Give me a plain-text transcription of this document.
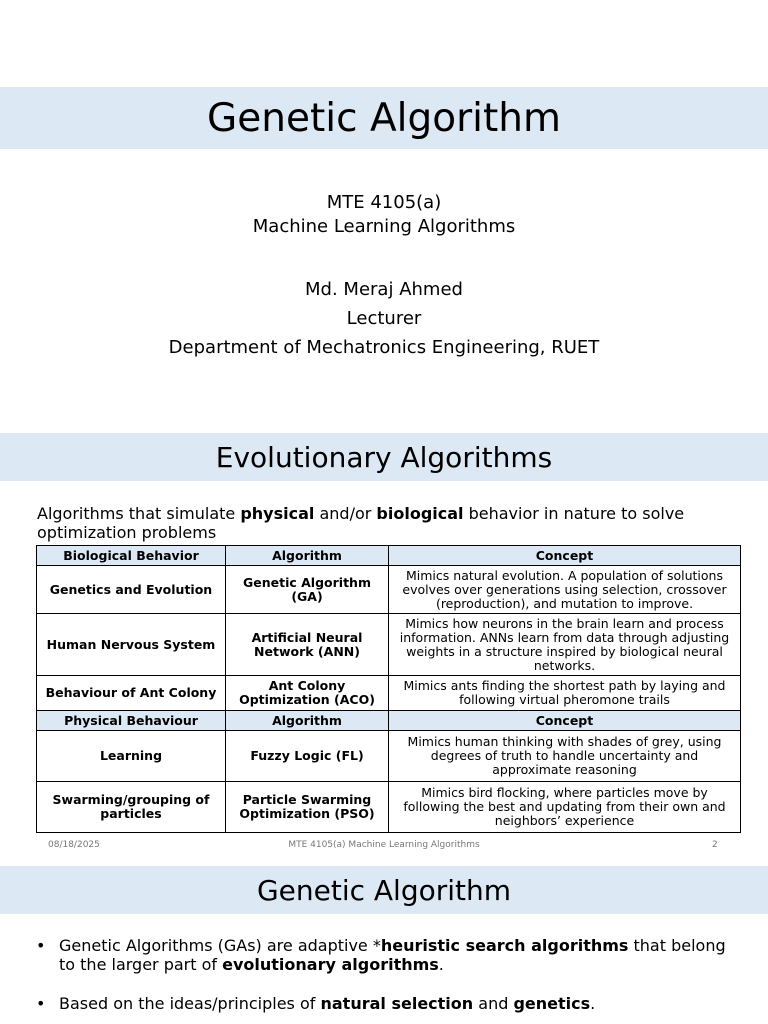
Genetic Algorithm
MTE 4105(a)
Machine Learning Algorithms
Md. Meraj Ahmed
Lecturer
Department of Mechatronics Engineering, RUET
Evolutionary Algorithms
Algorithms that simulate physical and/or biological behavior in nature to solve optimization problems
Biological Behavior	Algorithm	Concept
Genetics and Evolution	Genetic Algorithm (GA)	Mimics natural evolution. A population of solutions evolves over generations using selection, crossover (reproduction), and mutation to improve.
Human Nervous System	Artificial Neural Network (ANN)	Mimics how neurons in the brain learn and process information. ANNs learn from data through adjusting weights in a structure inspired by biological neural networks.
Behaviour of Ant Colony	Ant Colony Optimization (ACO)	Mimics ants finding the shortest path by laying and following virtual pheromone trails
Physical Behaviour	Algorithm	Concept
Learning	Fuzzy Logic (FL)	Mimics human thinking with shades of grey, using degrees of truth to handle uncertainty and approximate reasoning
Swarming/grouping of particles	Particle Swarming Optimization (PSO)	Mimics bird flocking, where particles move by following the best and updating from their own and neighbors’ experience
08/18/2025	MTE 4105(a) Machine Learning Algorithms	2
Genetic Algorithm
• Genetic Algorithms (GAs) are adaptive *heuristic search algorithms that belong to the larger part of evolutionary algorithms.
• Based on the ideas/principles of natural selection and genetics.
